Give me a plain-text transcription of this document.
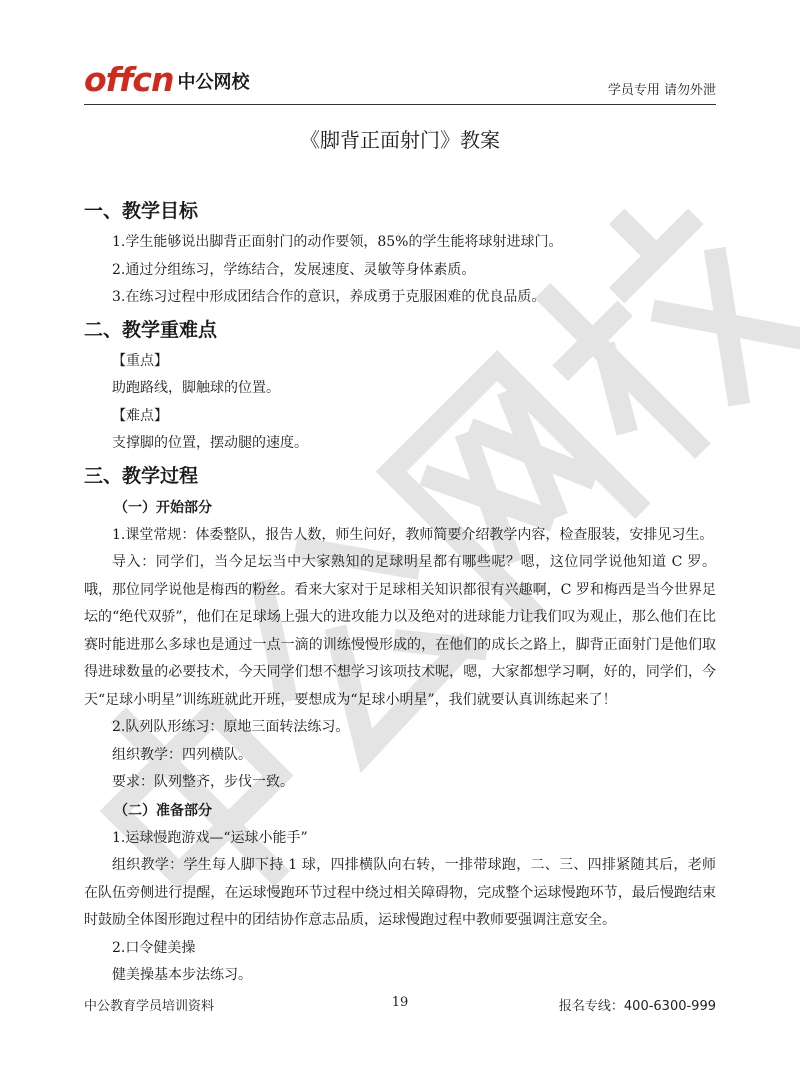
offcn 中公网校	学员专用 请勿外泄
《脚背正面射门》教案
一、教学目标

1.学生能够说出脚背正面射门的动作要领，85%的学生能将球射进球门。

2.通过分组练习，学练结合，发展速度、灵敏等身体素质。

3.在练习过程中形成团结合作的意识，养成勇于克服困难的优良品质。

二、教学重难点

【重点】

助跑路线，脚触球的位置。

【难点】

支撑脚的位置，摆动腿的速度。

三、教学过程
（一）开始部分

1.课堂常规：体委整队，报告人数，师生问好，教师简要介绍教学内容，检查服装，安排见习生。

导入：同学们，当今足坛当中大家熟知的足球明星都有哪些呢？嗯，这位同学说他知道 C 罗。哦，那位同学说他是梅西的粉丝。看来大家对于足球相关知识都很有兴趣啊，C 罗和梅西是当今世界足坛的“绝代双骄”，他们在足球场上强大的进攻能力以及绝对的进球能力让我们叹为观止，那么他们在比赛时能进那么多球也是通过一点一滴的训练慢慢形成的，在他们的成长之路上，脚背正面射门是他们取得进球数量的必要技术，今天同学们想不想学习该项技术呢，嗯，大家都想学习啊，好的，同学们，今天“足球小明星”训练班就此开班，要想成为“足球小明星”，我们就要认真训练起来了！

2.队列队形练习：原地三面转法练习。

组织教学：四列横队。

要求：队列整齐，步伐一致。

（二）准备部分

1.运球慢跑游戏—“运球小能手”

组织教学：学生每人脚下持 1 球，四排横队向右转，一排带球跑，二、三、四排紧随其后，老师在队伍旁侧进行提醒，在运球慢跑环节过程中绕过相关障碍物，完成整个运球慢跑环节，最后慢跑结束时鼓励全体图形跑过程中的团结协作意志品质，运球慢跑过程中教师要强调注意安全。

2.口令健美操

健美操基本步法练习。

中公教育学员培训资料	19	报名专线：400-6300-999
